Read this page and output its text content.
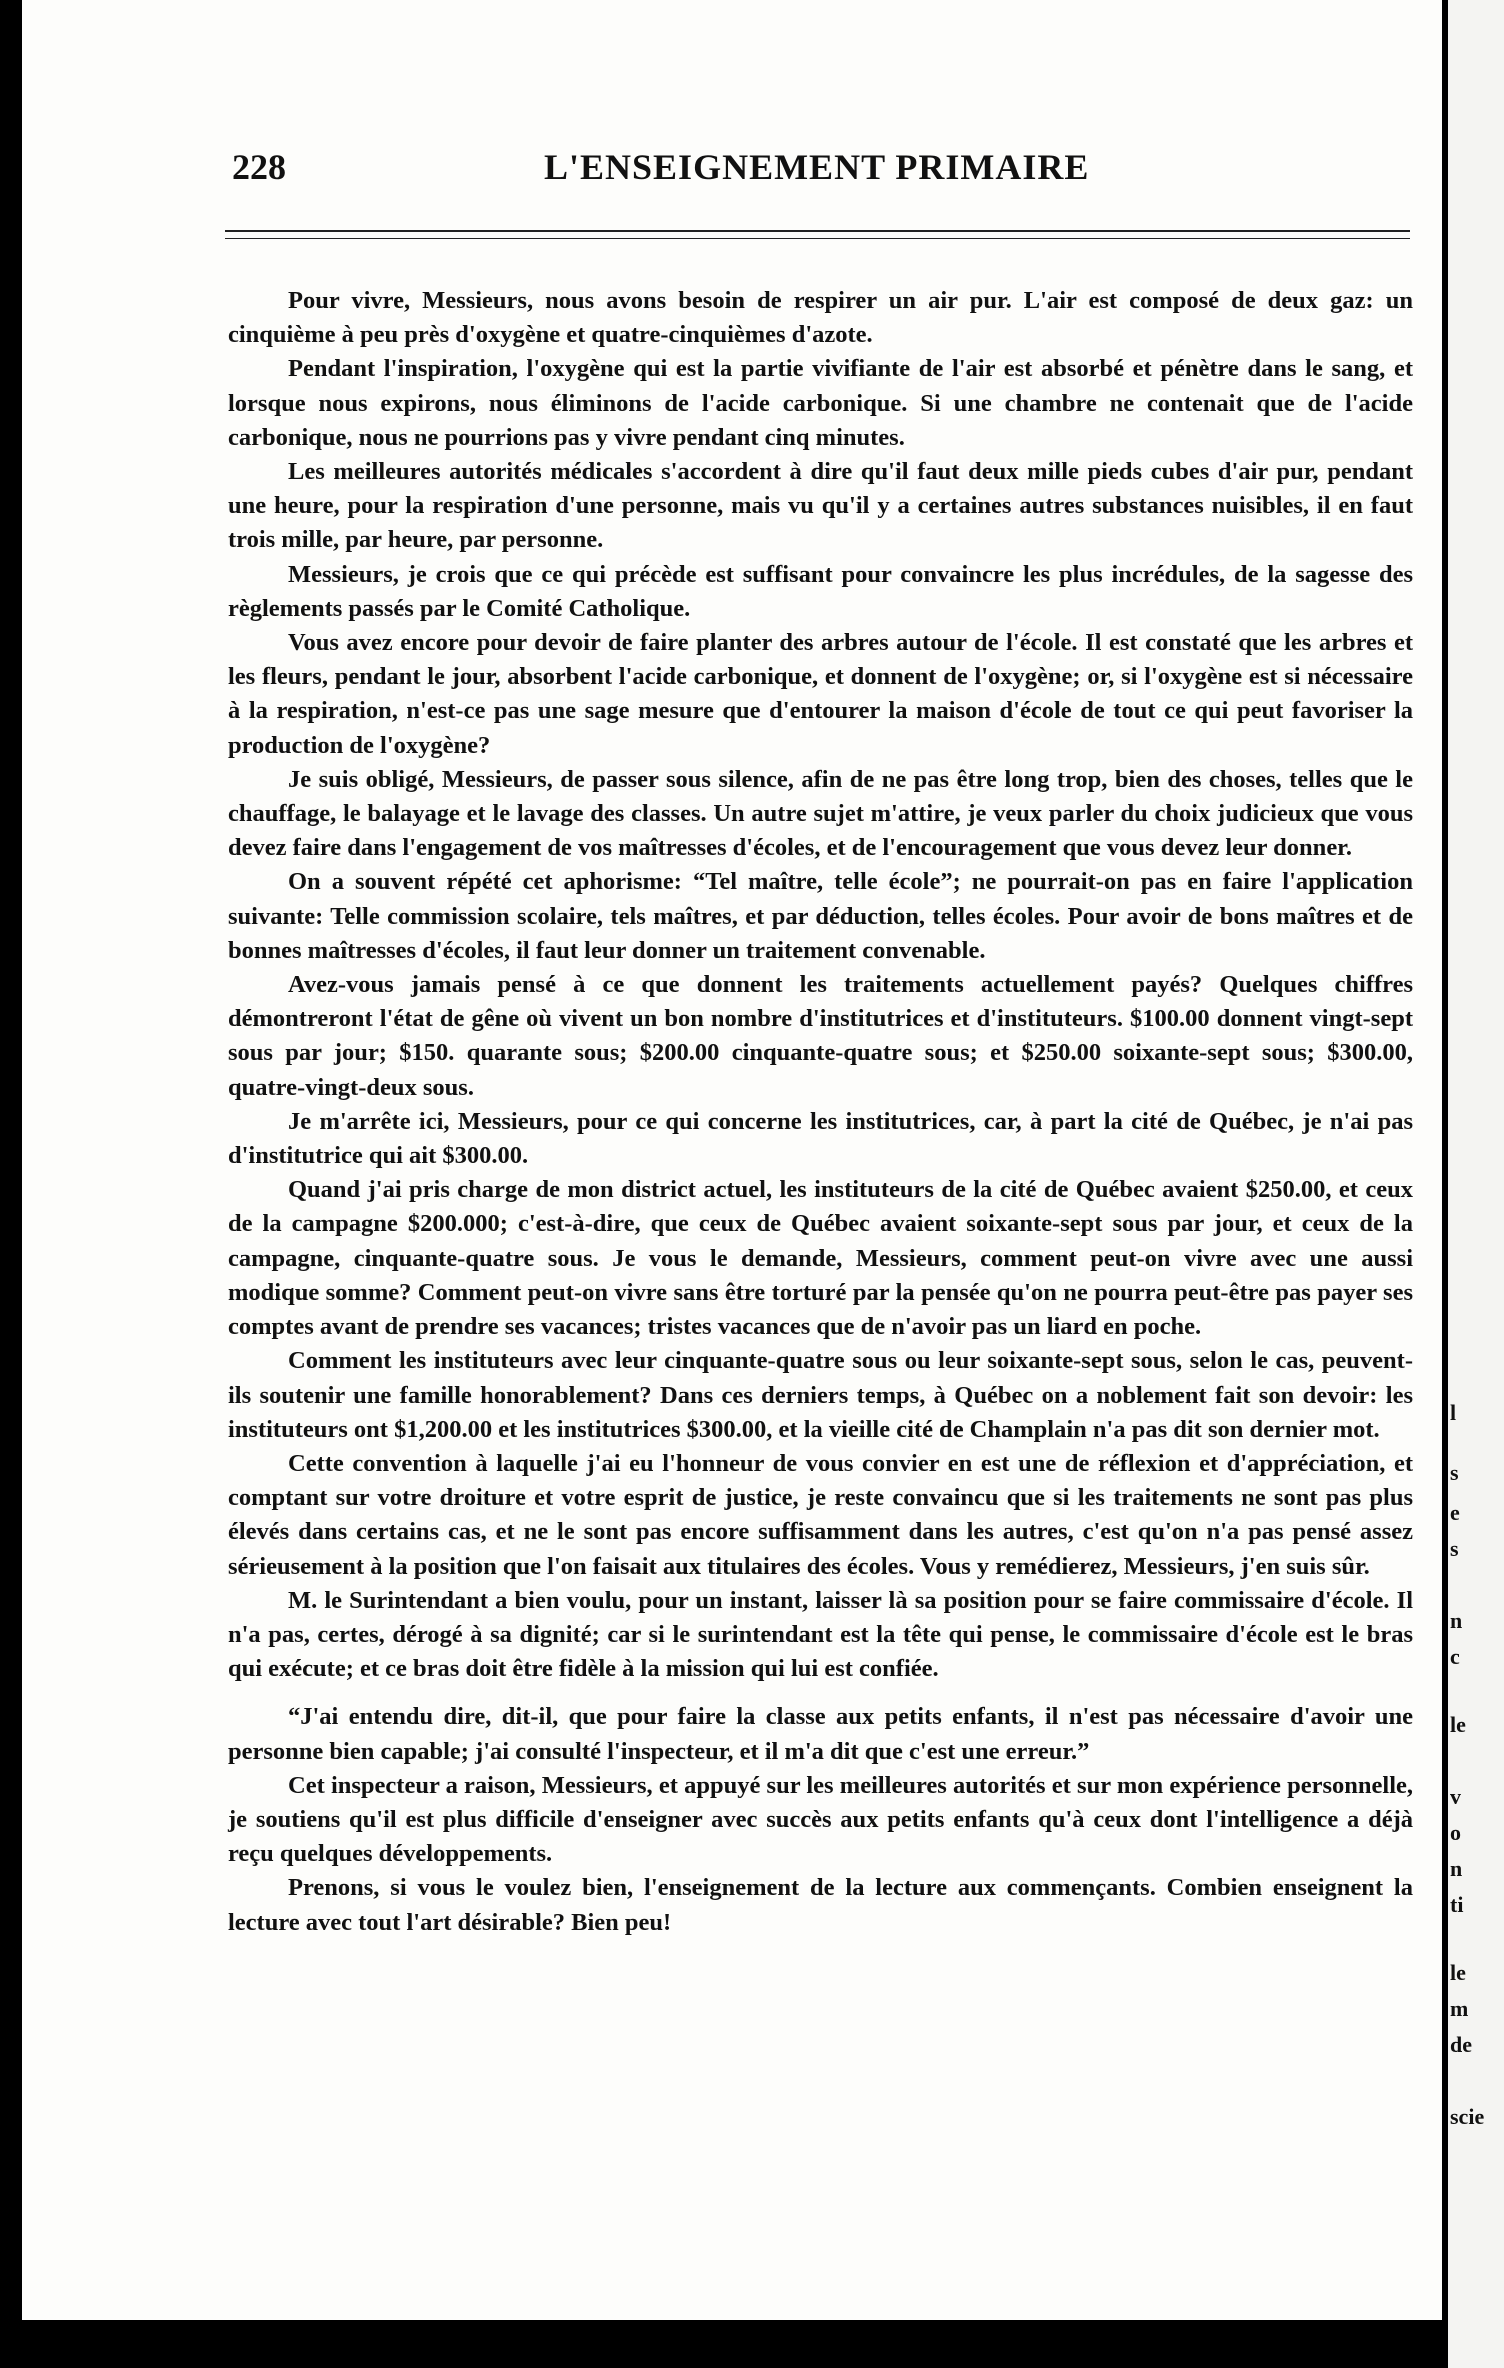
l
s
e
s
n
c
le
v
o
n
ti
le
m
de
scie
228	L'ENSEIGNEMENT PRIMAIRE

Pour vivre, Messieurs, nous avons besoin de respirer un air pur. L'air est composé de deux gaz: un cinquième à peu près d'oxygène et quatre-cinquièmes d'azote.

Pendant l'inspiration, l'oxygène qui est la partie vivifiante de l'air est absorbé et pénètre dans le sang, et lorsque nous expirons, nous éliminons de l'acide carbonique. Si une chambre ne contenait que de l'acide carbonique, nous ne pourrions pas y vivre pendant cinq minutes.

Les meilleures autorités médicales s'accordent à dire qu'il faut deux mille pieds cubes d'air pur, pendant une heure, pour la respiration d'une personne, mais vu qu'il y a certaines autres substances nuisibles, il en faut trois mille, par heure, par personne.

Messieurs, je crois que ce qui précède est suffisant pour convaincre les plus incrédules, de la sagesse des règlements passés par le Comité Catholique.

Vous avez encore pour devoir de faire planter des arbres autour de l'école. Il est constaté que les arbres et les fleurs, pendant le jour, absorbent l'acide carbonique, et donnent de l'oxygène; or, si l'oxygène est si nécessaire à la respiration, n'est-ce pas une sage mesure que d'entourer la maison d'école de tout ce qui peut favoriser la production de l'oxygène?

Je suis obligé, Messieurs, de passer sous silence, afin de ne pas être long trop, bien des choses, telles que le chauffage, le balayage et le lavage des classes. Un autre sujet m'attire, je veux parler du choix judicieux que vous devez faire dans l'engagement de vos maîtresses d'écoles, et de l'encouragement que vous devez leur donner.

On a souvent répété cet aphorisme: “Tel maître, telle école”; ne pourrait-on pas en faire l'application suivante: Telle commission scolaire, tels maîtres, et par déduction, telles écoles. Pour avoir de bons maîtres et de bonnes maîtresses d'écoles, il faut leur donner un traitement convenable.

Avez-vous jamais pensé à ce que donnent les traitements actuellement payés? Quelques chiffres démontreront l'état de gêne où vivent un bon nombre d'institutrices et d'instituteurs. $100.00 donnent vingt-sept sous par jour; $150. quarante sous; $200.00 cinquante-quatre sous; et $250.00 soixante-sept sous; $300.00, quatre-vingt-deux sous.

Je m'arrête ici, Messieurs, pour ce qui concerne les institutrices, car, à part la cité de Québec, je n'ai pas d'institutrice qui ait $300.00.

Quand j'ai pris charge de mon district actuel, les instituteurs de la cité de Québec avaient $250.00, et ceux de la campagne $200.000; c'est-à-dire, que ceux de Québec avaient soixante-sept sous par jour, et ceux de la campagne, cinquante-quatre sous. Je vous le demande, Messieurs, comment peut-on vivre avec une aussi modique somme? Comment peut-on vivre sans être torturé par la pensée qu'on ne pourra peut-être pas payer ses comptes avant de prendre ses vacances; tristes vacances que de n'avoir pas un liard en poche.

Comment les instituteurs avec leur cinquante-quatre sous ou leur soixante-sept sous, selon le cas, peuvent-ils soutenir une famille honorablement? Dans ces derniers temps, à Québec on a noblement fait son devoir: les instituteurs ont $1,200.00 et les institutrices $300.00, et la vieille cité de Champlain n'a pas dit son dernier mot.

Cette convention à laquelle j'ai eu l'honneur de vous convier en est une de réflexion et d'appréciation, et comptant sur votre droiture et votre esprit de justice, je reste convaincu que si les traitements ne sont pas plus élevés dans certains cas, et ne le sont pas encore suffisamment dans les autres, c'est qu'on n'a pas pensé assez sérieusement à la position que l'on faisait aux titulaires des écoles. Vous y remédierez, Messieurs, j'en suis sûr.

M. le Surintendant a bien voulu, pour un instant, laisser là sa position pour se faire commissaire d'école. Il n'a pas, certes, dérogé à sa dignité; car si le surintendant est la tête qui pense, le commissaire d'école est le bras qui exécute; et ce bras doit être fidèle à la mission qui lui est confiée.

“J'ai entendu dire, dit-il, que pour faire la classe aux petits enfants, il n'est pas nécessaire d'avoir une personne bien capable; j'ai consulté l'inspecteur, et il m'a dit que c'est une erreur.”

Cet inspecteur a raison, Messieurs, et appuyé sur les meilleures autorités et sur mon expérience personnelle, je soutiens qu'il est plus difficile d'enseigner avec succès aux petits enfants qu'à ceux dont l'intelligence a déjà reçu quelques développements.

Prenons, si vous le voulez bien, l'enseignement de la lecture aux commençants. Combien enseignent la lecture avec tout l'art désirable? Bien peu!
